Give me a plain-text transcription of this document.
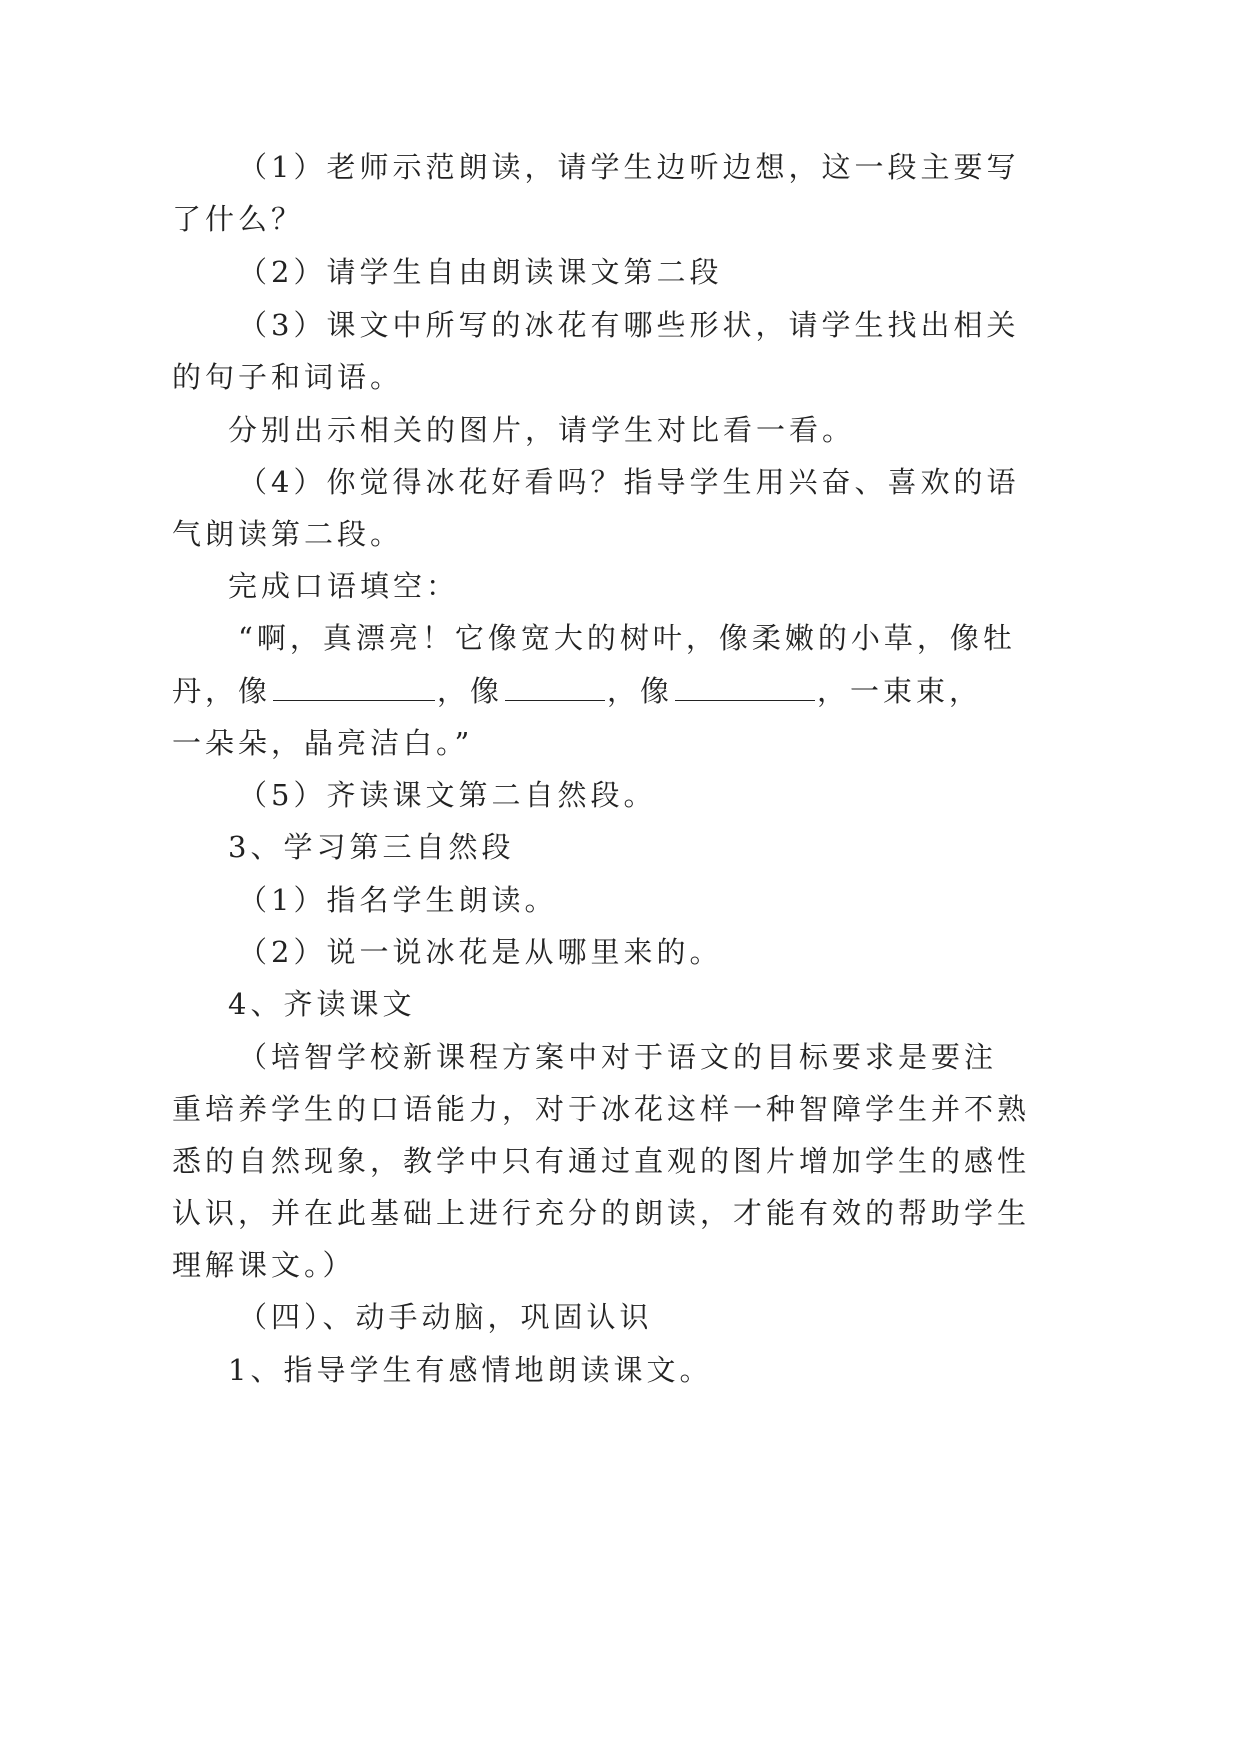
（1）老师示范朗读，请学生边听边想，这一段主要写
了什么？
（2）请学生自由朗读课文第二段
（3）课文中所写的冰花有哪些形状，请学生找出相关
的句子和词语。
分别出示相关的图片，请学生对比看一看。
（4）你觉得冰花好看吗？指导学生用兴奋、喜欢的语
气朗读第二段。
完成口语填空：
“啊，真漂亮！它像宽大的树叶，像柔嫩的小草，像牡
丹，像	，像	，像	，一束束，
一朵朵，晶亮洁白。”
（5）齐读课文第二自然段。
3、学习第三自然段
（1）指名学生朗读。
（2）说一说冰花是从哪里来的。
4、齐读课文
（培智学校新课程方案中对于语文的目标要求是要注
重培养学生的口语能力，对于冰花这样一种智障学生并不熟
悉的自然现象，教学中只有通过直观的图片增加学生的感性
认识，并在此基础上进行充分的朗读，才能有效的帮助学生
理解课文。）
（四）、动手动脑，巩固认识
1、指导学生有感情地朗读课文。
